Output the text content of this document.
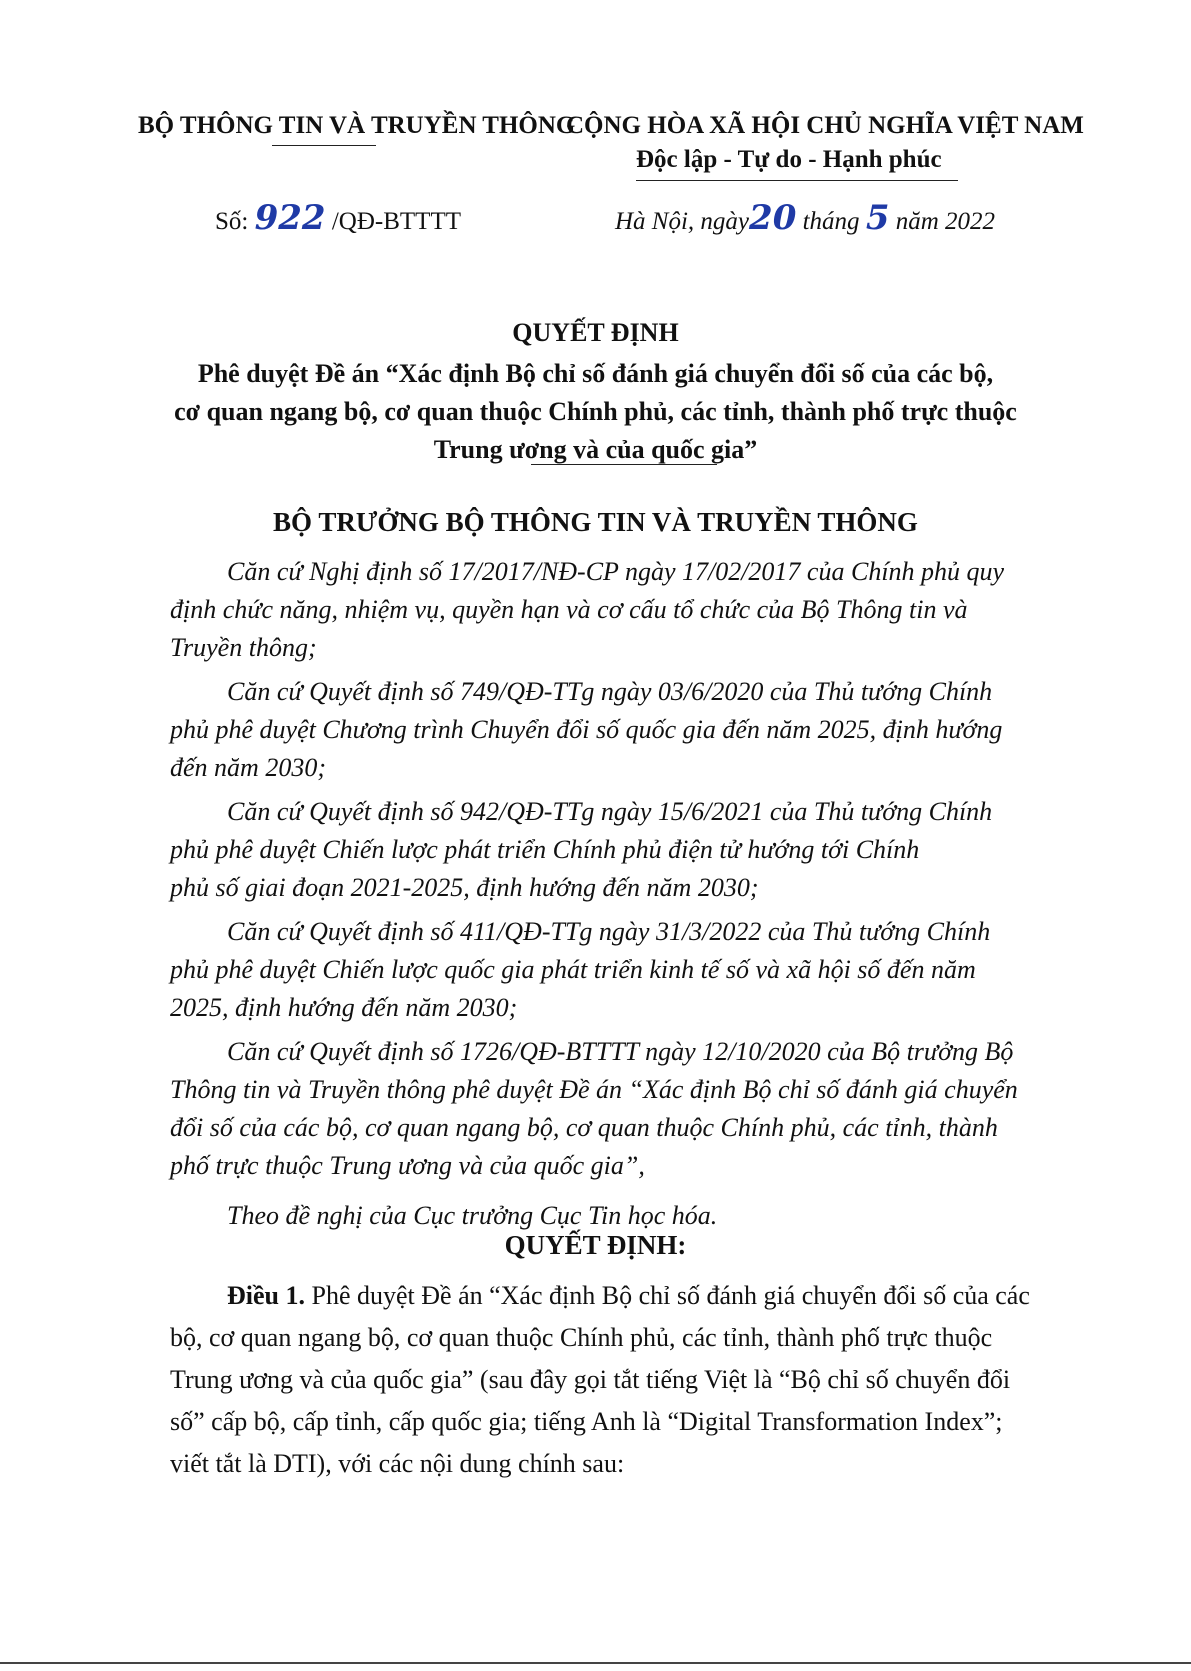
BỘ THÔNG TIN VÀ TRUYỀN THÔNG
CỘNG HÒA XÃ HỘI CHỦ NGHĨA VIỆT NAM
Độc lập - Tự do - Hạnh phúc
Số: 922 /QĐ-BTTTT	Hà Nội, ngày20 tháng 5 năm 2022
QUYẾT ĐỊNH
Phê duyệt Đề án “Xác định Bộ chỉ số đánh giá chuyển đổi số của các bộ,
cơ quan ngang bộ, cơ quan thuộc Chính phủ, các tỉnh, thành phố trực thuộc
Trung ương và của quốc gia”
BỘ TRƯỞNG BỘ THÔNG TIN VÀ TRUYỀN THÔNG
Căn cứ Nghị định số 17/2017/NĐ-CP ngày 17/02/2017 của Chính phủ quy
định chức năng, nhiệm vụ, quyền hạn và cơ cấu tổ chức của Bộ Thông tin và
Truyền thông;
Căn cứ Quyết định số 749/QĐ-TTg ngày 03/6/2020 của Thủ tướng Chính
phủ phê duyệt Chương trình Chuyển đổi số quốc gia đến năm 2025, định hướng
đến năm 2030;
Căn cứ Quyết định số 942/QĐ-TTg ngày 15/6/2021 của Thủ tướng Chính
phủ phê duyệt Chiến lược phát triển Chính phủ điện tử hướng tới Chính
phủ số giai đoạn 2021-2025, định hướng đến năm 2030;
Căn cứ Quyết định số 411/QĐ-TTg ngày 31/3/2022 của Thủ tướng Chính
phủ phê duyệt Chiến lược quốc gia phát triển kinh tế số và xã hội số đến năm
2025, định hướng đến năm 2030;
Căn cứ Quyết định số 1726/QĐ-BTTTT ngày 12/10/2020 của Bộ trưởng Bộ
Thông tin và Truyền thông phê duyệt Đề án “Xác định Bộ chỉ số đánh giá chuyển
đổi số của các bộ, cơ quan ngang bộ, cơ quan thuộc Chính phủ, các tỉnh, thành
phố trực thuộc Trung ương và của quốc gia”,
Theo đề nghị của Cục trưởng Cục Tin học hóa.
QUYẾT ĐỊNH:
Điều 1. Phê duyệt Đề án “Xác định Bộ chỉ số đánh giá chuyển đổi số của các
bộ, cơ quan ngang bộ, cơ quan thuộc Chính phủ, các tỉnh, thành phố trực thuộc
Trung ương và của quốc gia” (sau đây gọi tắt tiếng Việt là “Bộ chỉ số chuyển đổi
số” cấp bộ, cấp tỉnh, cấp quốc gia; tiếng Anh là “Digital Transformation Index”;
viết tắt là DTI), với các nội dung chính sau:
